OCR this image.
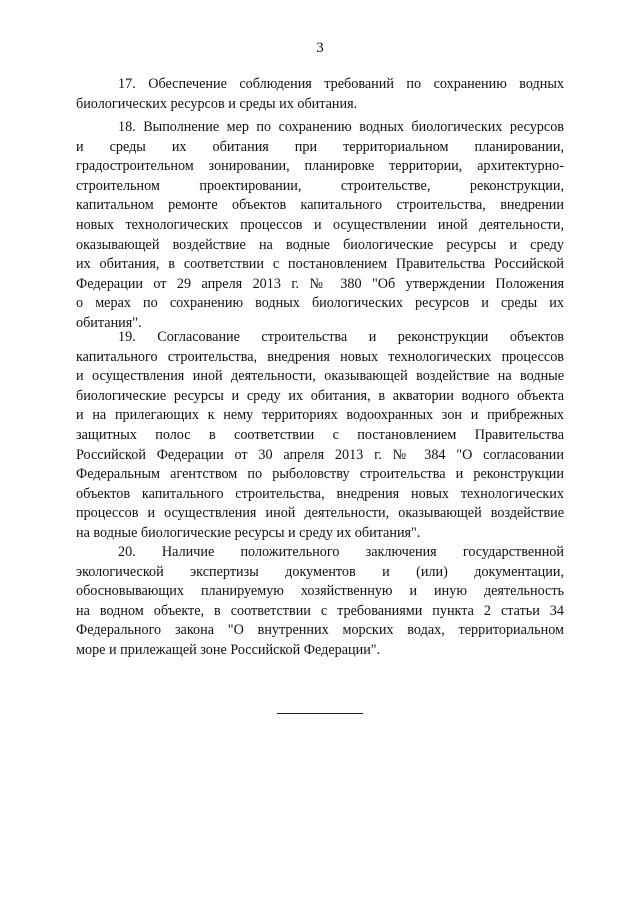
3
17. Обеспечение соблюдения требований по сохранению водных
биологических ресурсов и среды их обитания.
18. Выполнение мер по сохранению водных биологических ресурсов
и среды их обитания при территориальном планировании,
градостроительном зонировании, планировке территории, архитектурно-
строительном проектировании, строительстве, реконструкции,
капитальном ремонте объектов капитального строительства, внедрении
новых технологических процессов и осуществлении иной деятельности,
оказывающей воздействие на водные биологические ресурсы и среду
их обитания, в соответствии с постановлением Правительства Российской
Федерации от 29 апреля 2013 г. № 380 "Об утверждении Положения
о мерах по сохранению водных биологических ресурсов и среды их
обитания".
19. Согласование строительства и реконструкции объектов
капитального строительства, внедрения новых технологических процессов
и осуществления иной деятельности, оказывающей воздействие на водные
биологические ресурсы и среду их обитания, в акватории водного объекта
и на прилегающих к нему территориях водоохранных зон и прибрежных
защитных полос в соответствии с постановлением Правительства
Российской Федерации от 30 апреля 2013 г. № 384 "О согласовании
Федеральным агентством по рыболовству строительства и реконструкции
объектов капитального строительства, внедрения новых технологических
процессов и осуществления иной деятельности, оказывающей воздействие
на водные биологические ресурсы и среду их обитания".
20. Наличие положительного заключения государственной
экологической экспертизы документов и (или) документации,
обосновывающих планируемую хозяйственную и иную деятельность
на водном объекте, в соответствии с требованиями пункта 2 статьи 34
Федерального закона "О внутренних морских водах, территориальном
море и прилежащей зоне Российской Федерации".
